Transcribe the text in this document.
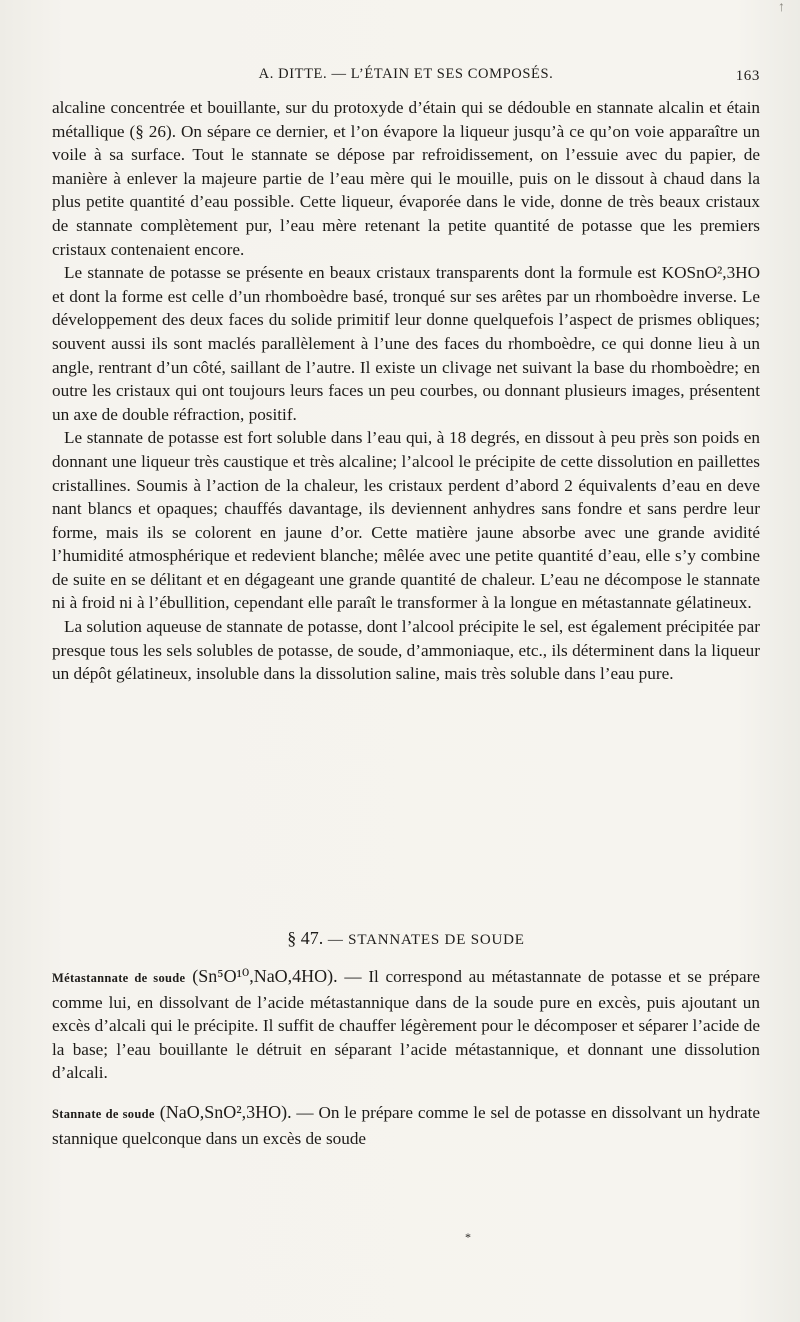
↑
A. DITTE. — L’ÉTAIN ET SES COMPOSÉS.	163

alcaline concentrée et bouillante, sur du protoxyde d’étain qui se dédouble en stannate alcalin et étain métallique (§ 26). On sépare ce dernier, et l’on évapore la liqueur jusqu’à ce qu’on voie apparaître un voile à sa surface. Tout le stannate se dépose par refroidissement, on l’essuie avec du papier, de manière à enlever la majeure partie de l’eau mère qui le mouille, puis on le dissout à chaud dans la plus petite quantité d’eau possible. Cette liqueur, évaporée dans le vide, donne de très beaux cristaux de stannate complètement pur, l’eau mère retenant la petite quantité de potasse que les premiers cristaux contenaient encore.

Le stannate de potasse se présente en beaux cristaux transparents dont la formule est KOSnO²,3HO et dont la forme est celle d’un rhomboèdre basé, tronqué sur ses arêtes par un rhomboèdre inverse. Le développement des deux faces du solide primitif leur donne quelquefois l’aspect de prismes obliques; souvent aussi ils sont maclés parallèlement à l’une des faces du rhomboèdre, ce qui donne lieu à un angle, rentrant d’un côté, saillant de l’autre. Il existe un clivage net suivant la base du rhomboèdre; en outre les cristaux qui ont toujours leurs faces un peu courbes, ou donnant plusieurs images, présentent un axe de double réfraction, positif.

Le stannate de potasse est fort soluble dans l’eau qui, à 18 degrés, en dissout à peu près son poids en donnant une liqueur très caustique et très alcaline; l’alcool le précipite de cette dissolution en paillettes cristallines. Soumis à l’action de la chaleur, les cristaux perdent d’abord 2 équivalents d’eau en deve nant blancs et opaques; chauffés davantage, ils deviennent anhydres sans fondre et sans perdre leur forme, mais ils se colorent en jaune d’or. Cette matière jaune absorbe avec une grande avidité l’humidité atmosphérique et redevient blanche; mêlée avec une petite quantité d’eau, elle s’y combine de suite en se délitant et en dégageant une grande quantité de chaleur. L’eau ne décompose le stannate ni à froid ni à l’ébullition, cependant elle paraît le transformer à la longue en métastannate gélatineux.

La solution aqueuse de stannate de potasse, dont l’alcool précipite le sel, est également précipitée par presque tous les sels solubles de potasse, de soude, d’ammoniaque, etc., ils déterminent dans la liqueur un dépôt gélatineux, insoluble dans la dissolution saline, mais très soluble dans l’eau pure.

§ 47. — STANNATES DE SOUDE

Métastannate de soude (Sn⁵O¹⁰,NaO,4HO). — Il correspond au métastannate de potasse et se prépare comme lui, en dissolvant de l’acide métastannique dans de la soude pure en excès, puis ajoutant un excès d’alcali qui le précipite. Il suffit de chauffer légèrement pour le décomposer et séparer l’acide de la base; l’eau bouillante le détruit en séparant l’acide métastannique, et donnant une dissolution d’alcali.

Stannate de soude (NaO,SnO²,3HO). — On le prépare comme le sel de potasse en dissolvant un hydrate stannique quelconque dans un excès de soude

*
